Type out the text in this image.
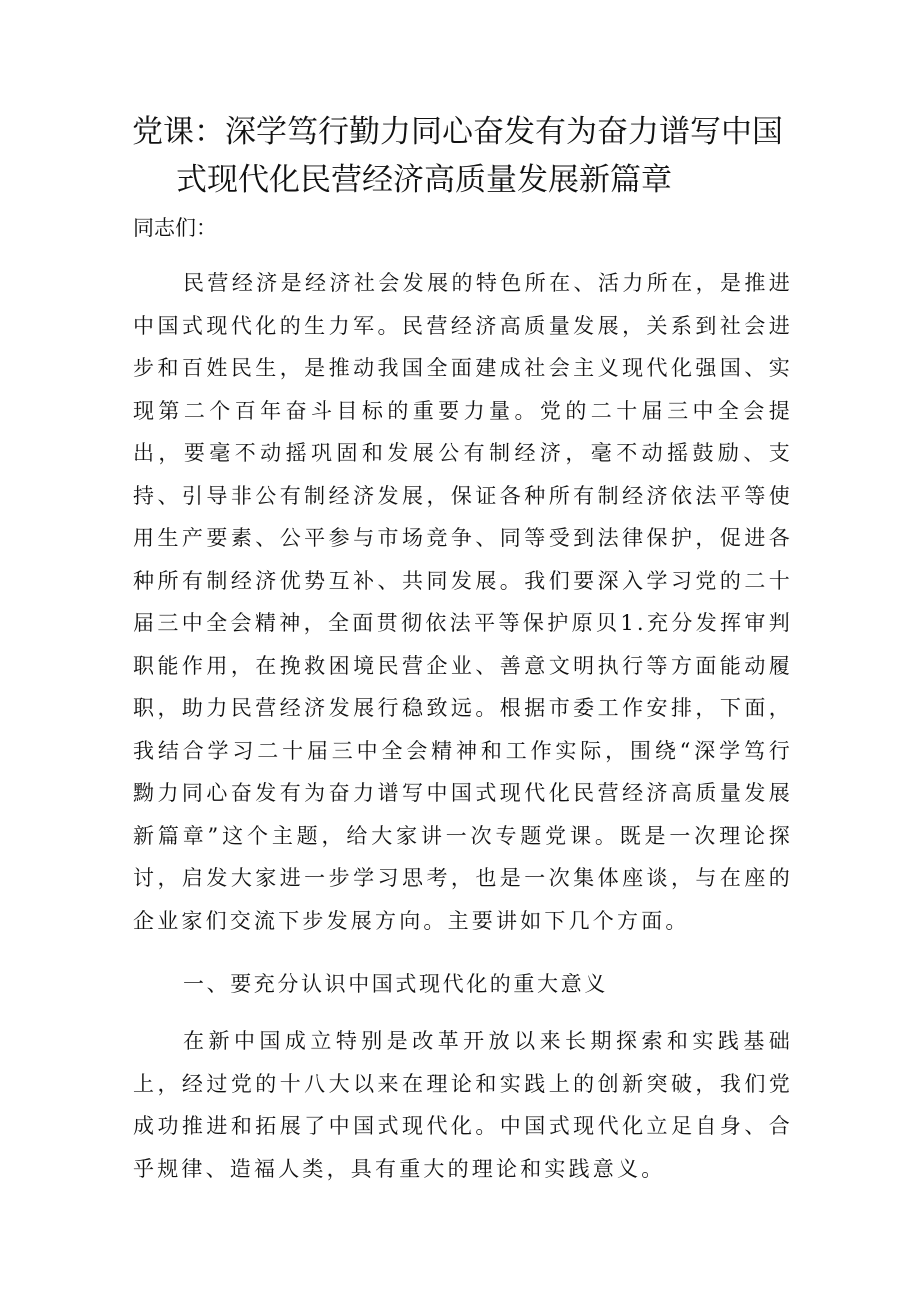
党课：深学笃行勤力同心奋发有为奋力谱写中国
式现代化民营经济高质量发展新篇章

同志们：

民营经济是经济社会发展的特色所在、活力所在，是推进中国式现代化的生力军。民营经济高质量发展，关系到社会进步和百姓民生，是推动我国全面建成社会主义现代化强国、实现第二个百年奋斗目标的重要力量。党的二十届三中全会提出，要毫不动摇巩固和发展公有制经济，毫不动摇鼓励、支持、引导非公有制经济发展，保证各种所有制经济依法平等使用生产要素、公平参与市场竞争、同等受到法律保护，促进各种所有制经济优势互补、共同发展。我们要深入学习党的二十届三中全会精神，全面贯彻依法平等保护原贝1.充分发挥审判职能作用，在挽救困境民营企业、善意文明执行等方面能动履职，助力民营经济发展行稳致远。根据市委工作安排，下面，我结合学习二十届三中全会精神和工作实际，围绕“深学笃行黝力同心奋发有为奋力谱写中国式现代化民营经济高质量发展新篇章”这个主题，给大家讲一次专题党课。既是一次理论探讨，启发大家进一步学习思考，也是一次集体座谈，与在座的企业家们交流下步发展方向。主要讲如下几个方面。

一、要充分认识中国式现代化的重大意义

在新中国成立特别是改革开放以来长期探索和实践基础上，经过党的十八大以来在理论和实践上的创新突破，我们党成功推进和拓展了中国式现代化。中国式现代化立足自身、合乎规律、造福人类，具有重大的理论和实践意义。
